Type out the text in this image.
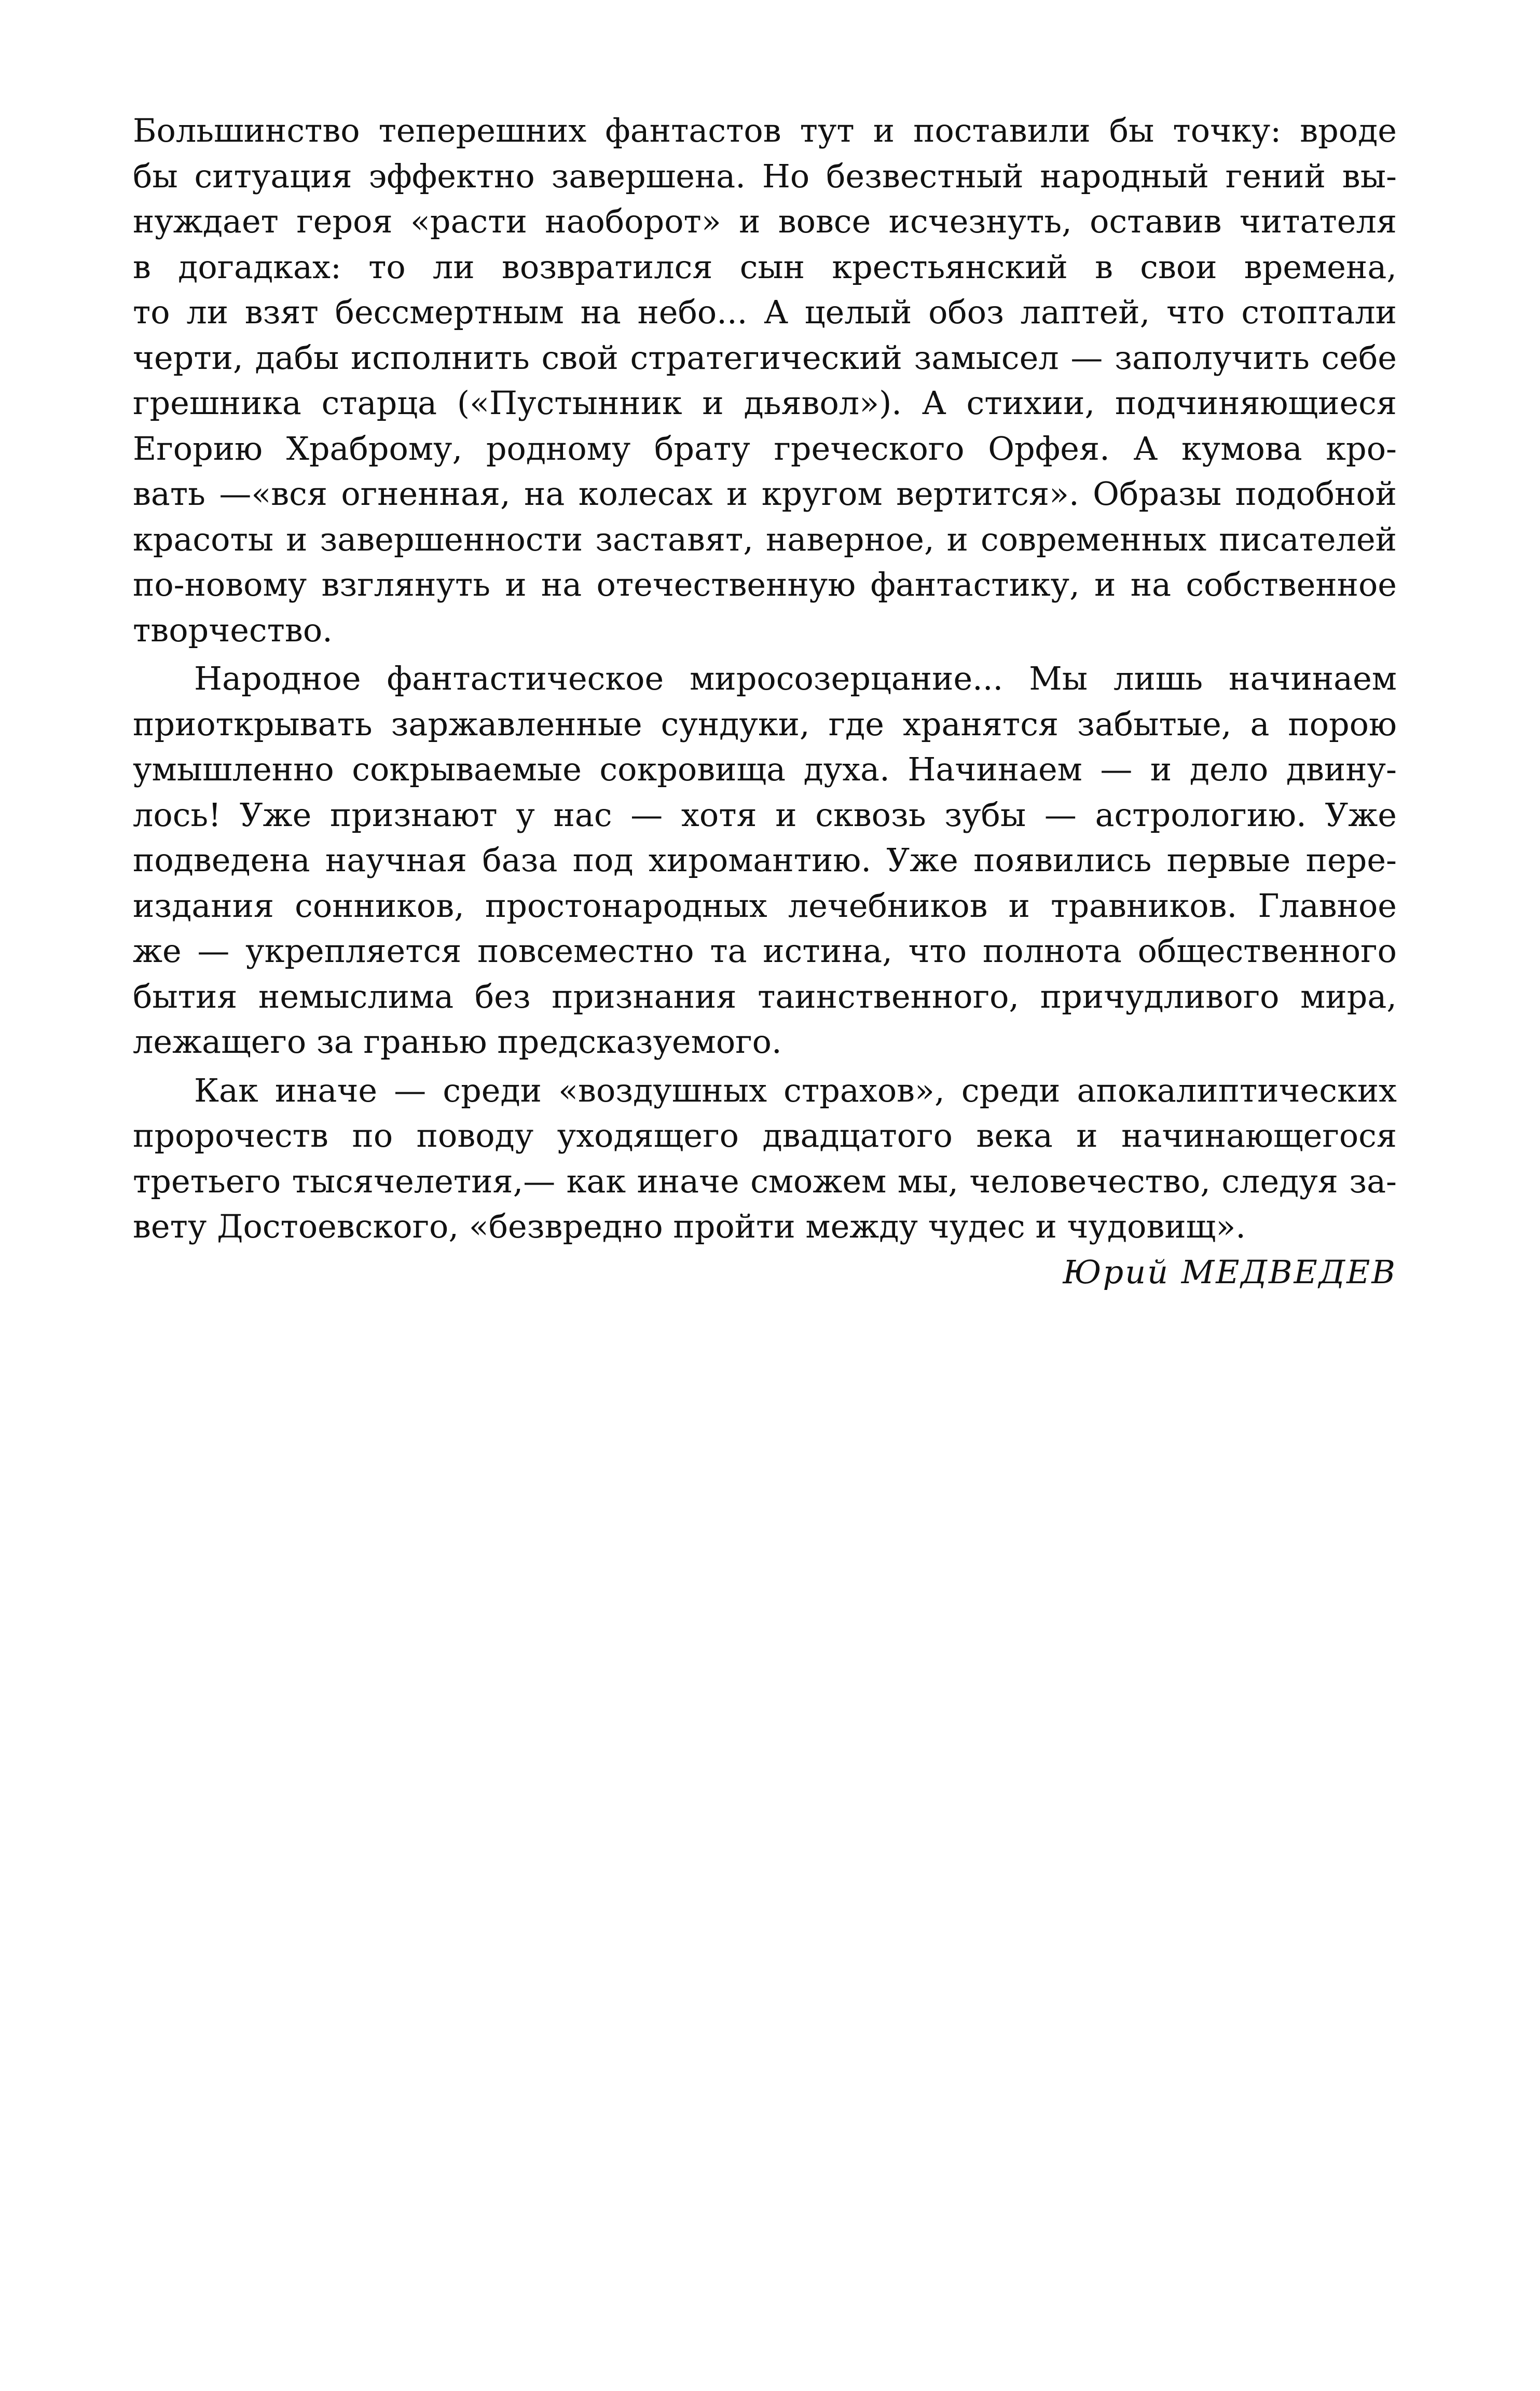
Большинство теперешних фантастов тут и поставили бы точку: вроде
бы ситуация эффектно завершена. Но безвестный народный гений вы-
нуждает героя «расти наоборот» и вовсе исчезнуть, оставив читателя
в догадках: то ли возвратился сын крестьянский в свои времена,
то ли взят бессмертным на небо... А целый обоз лаптей, что стоптали
черти, дабы исполнить свой стратегический замысел — заполучить себе
грешника старца («Пустынник и дьявол»). А стихии, подчиняющиеся
Егорию Храброму, родному брату греческого Орфея. А кумова кро-
вать —«вся огненная, на колесах и кругом вертится». Образы подобной
красоты и завершенности заставят, наверное, и современных писателей
по-новому взглянуть и на отечественную фантастику, и на собственное
творчество.
Народное фантастическое миросозерцание... Мы лишь начинаем
приоткрывать заржавленные сундуки, где хранятся забытые, а порою
умышленно сокрываемые сокровища духа. Начинаем — и дело двину-
лось! Уже признают у нас — хотя и сквозь зубы — астрологию. Уже
подведена научная база под хиромантию. Уже появились первые пере-
издания сонников, простонародных лечебников и травников. Главное
же — укрепляется повсеместно та истина, что полнота общественного
бытия немыслима без признания таинственного, причудливого мира,
лежащего за гранью предсказуемого.
Как иначе — среди «воздушных страхов», среди апокалиптических
пророчеств по поводу уходящего двадцатого века и начинающегося
третьего тысячелетия,— как иначе сможем мы, человечество, следуя за-
вету Достоевского, «безвредно пройти между чудес и чудовищ».
Юрий МЕДВЕДЕВ
